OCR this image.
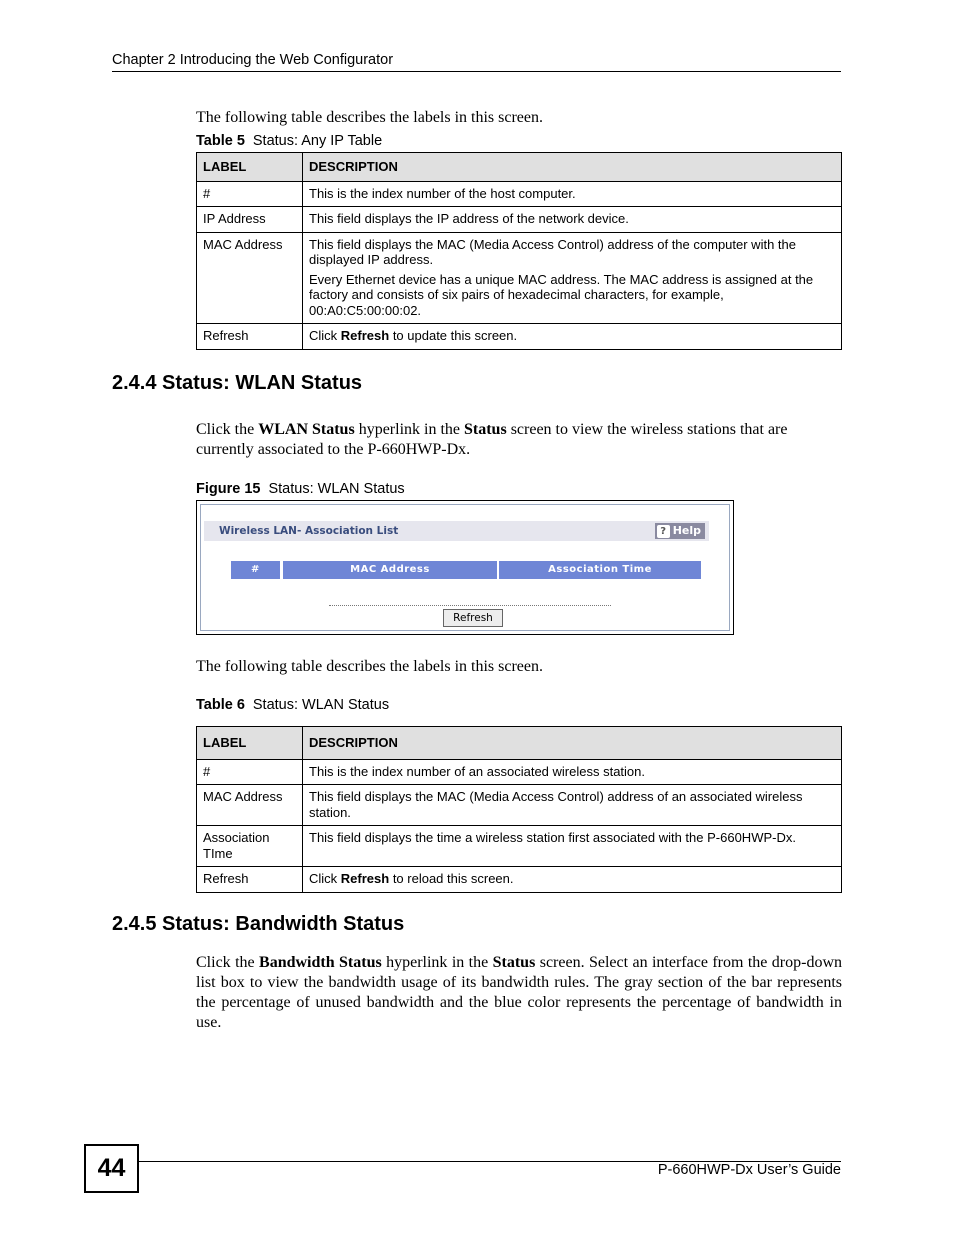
Chapter 2 Introducing the Web Configurator
The following table describes the labels in this screen.
Table 5 Status: Any IP Table
LABEL	DESCRIPTION
#	This is the index number of the host computer.
IP Address	This field displays the IP address of the network device.
MAC Address	This field displays the MAC (Media Access Control) address of the computer with the displayed IP address.

Every Ethernet device has a unique MAC address. The MAC address is assigned at the factory and consists of six pairs of hexadecimal characters, for example, 00:A0:C5:00:00:02.

Refresh	Click Refresh to update this screen.
2.4.4 Status: WLAN Status
Click the WLAN Status hyperlink in the Status screen to view the wireless stations that are currently associated to the P-660HWP-Dx.
Figure 15 Status: WLAN Status
Wireless LAN- Association List	? Help
#	MAC Address	Association Time
Refresh
The following table describes the labels in this screen.
Table 6 Status: WLAN Status
LABEL	DESCRIPTION
#	This is the index number of an associated wireless station.
MAC Address	This field displays the MAC (Media Access Control) address of an associated wireless station.
Association TIme	This field displays the time a wireless station first associated with the P-660HWP-Dx.
Refresh	Click Refresh to reload this screen.
2.4.5 Status: Bandwidth Status
Click the Bandwidth Status hyperlink in the Status screen. Select an interface from the drop-down list box to view the bandwidth usage of its bandwidth rules. The gray section of the bar represents the percentage of unused bandwidth and the blue color represents the percentage of bandwidth in use.
44	P-660HWP-Dx User’s Guide
